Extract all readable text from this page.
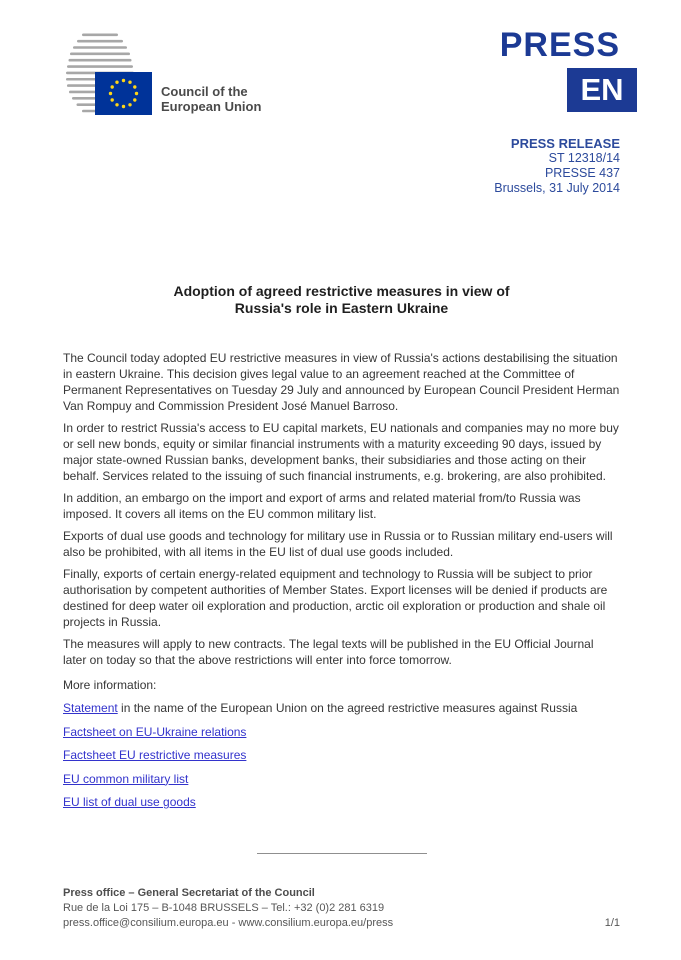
Council of the
European Union
PRESS
EN
PRESS RELEASE
ST 12318/14
PRESSE 437
Brussels, 31 July 2014
Adoption of agreed restrictive measures in view of
Russia's role in Eastern Ukraine

The Council today adopted EU restrictive measures in view of Russia's actions destabilising the situation in eastern Ukraine. This decision gives legal value to an agreement reached at the Committee of Permanent Representatives on Tuesday 29 July and announced by European Council President Herman Van Rompuy and Commission President José Manuel Barroso.

In order to restrict Russia's access to EU capital markets, EU nationals and companies may no more buy or sell new bonds, equity or similar financial instruments with a maturity exceeding 90 days, issued by major state-owned Russian banks, development banks, their subsidiaries and those acting on their behalf. Services related to the issuing of such financial instruments, e.g. brokering, are also prohibited.

In addition, an embargo on the import and export of arms and related material from/to Russia was imposed. It covers all items on the EU common military list.

Exports of dual use goods and technology for military use in Russia or to Russian military end-users will also be prohibited, with all items in the EU list of dual use goods included.

Finally, exports of certain energy-related equipment and technology to Russia will be subject to prior authorisation by competent authorities of Member States. Export licenses will be denied if products are destined for deep water oil exploration and production, arctic oil exploration or production and shale oil projects in Russia.

The measures will apply to new contracts. The legal texts will be published in the EU Official Journal later on today so that the above restrictions will enter into force tomorrow.

More information:

Statement in the name of the European Union on the agreed restrictive measures against Russia

Factsheet on EU-Ukraine relations

Factsheet EU restrictive measures

EU common military list

EU list of dual use goods

Press office – General Secretariat of the Council
Rue de la Loi 175 – B-1048 BRUSSELS – Tel.: +32 (0)2 281 6319
press.office@consilium.europa.eu - www.consilium.europa.eu/press	1/1
